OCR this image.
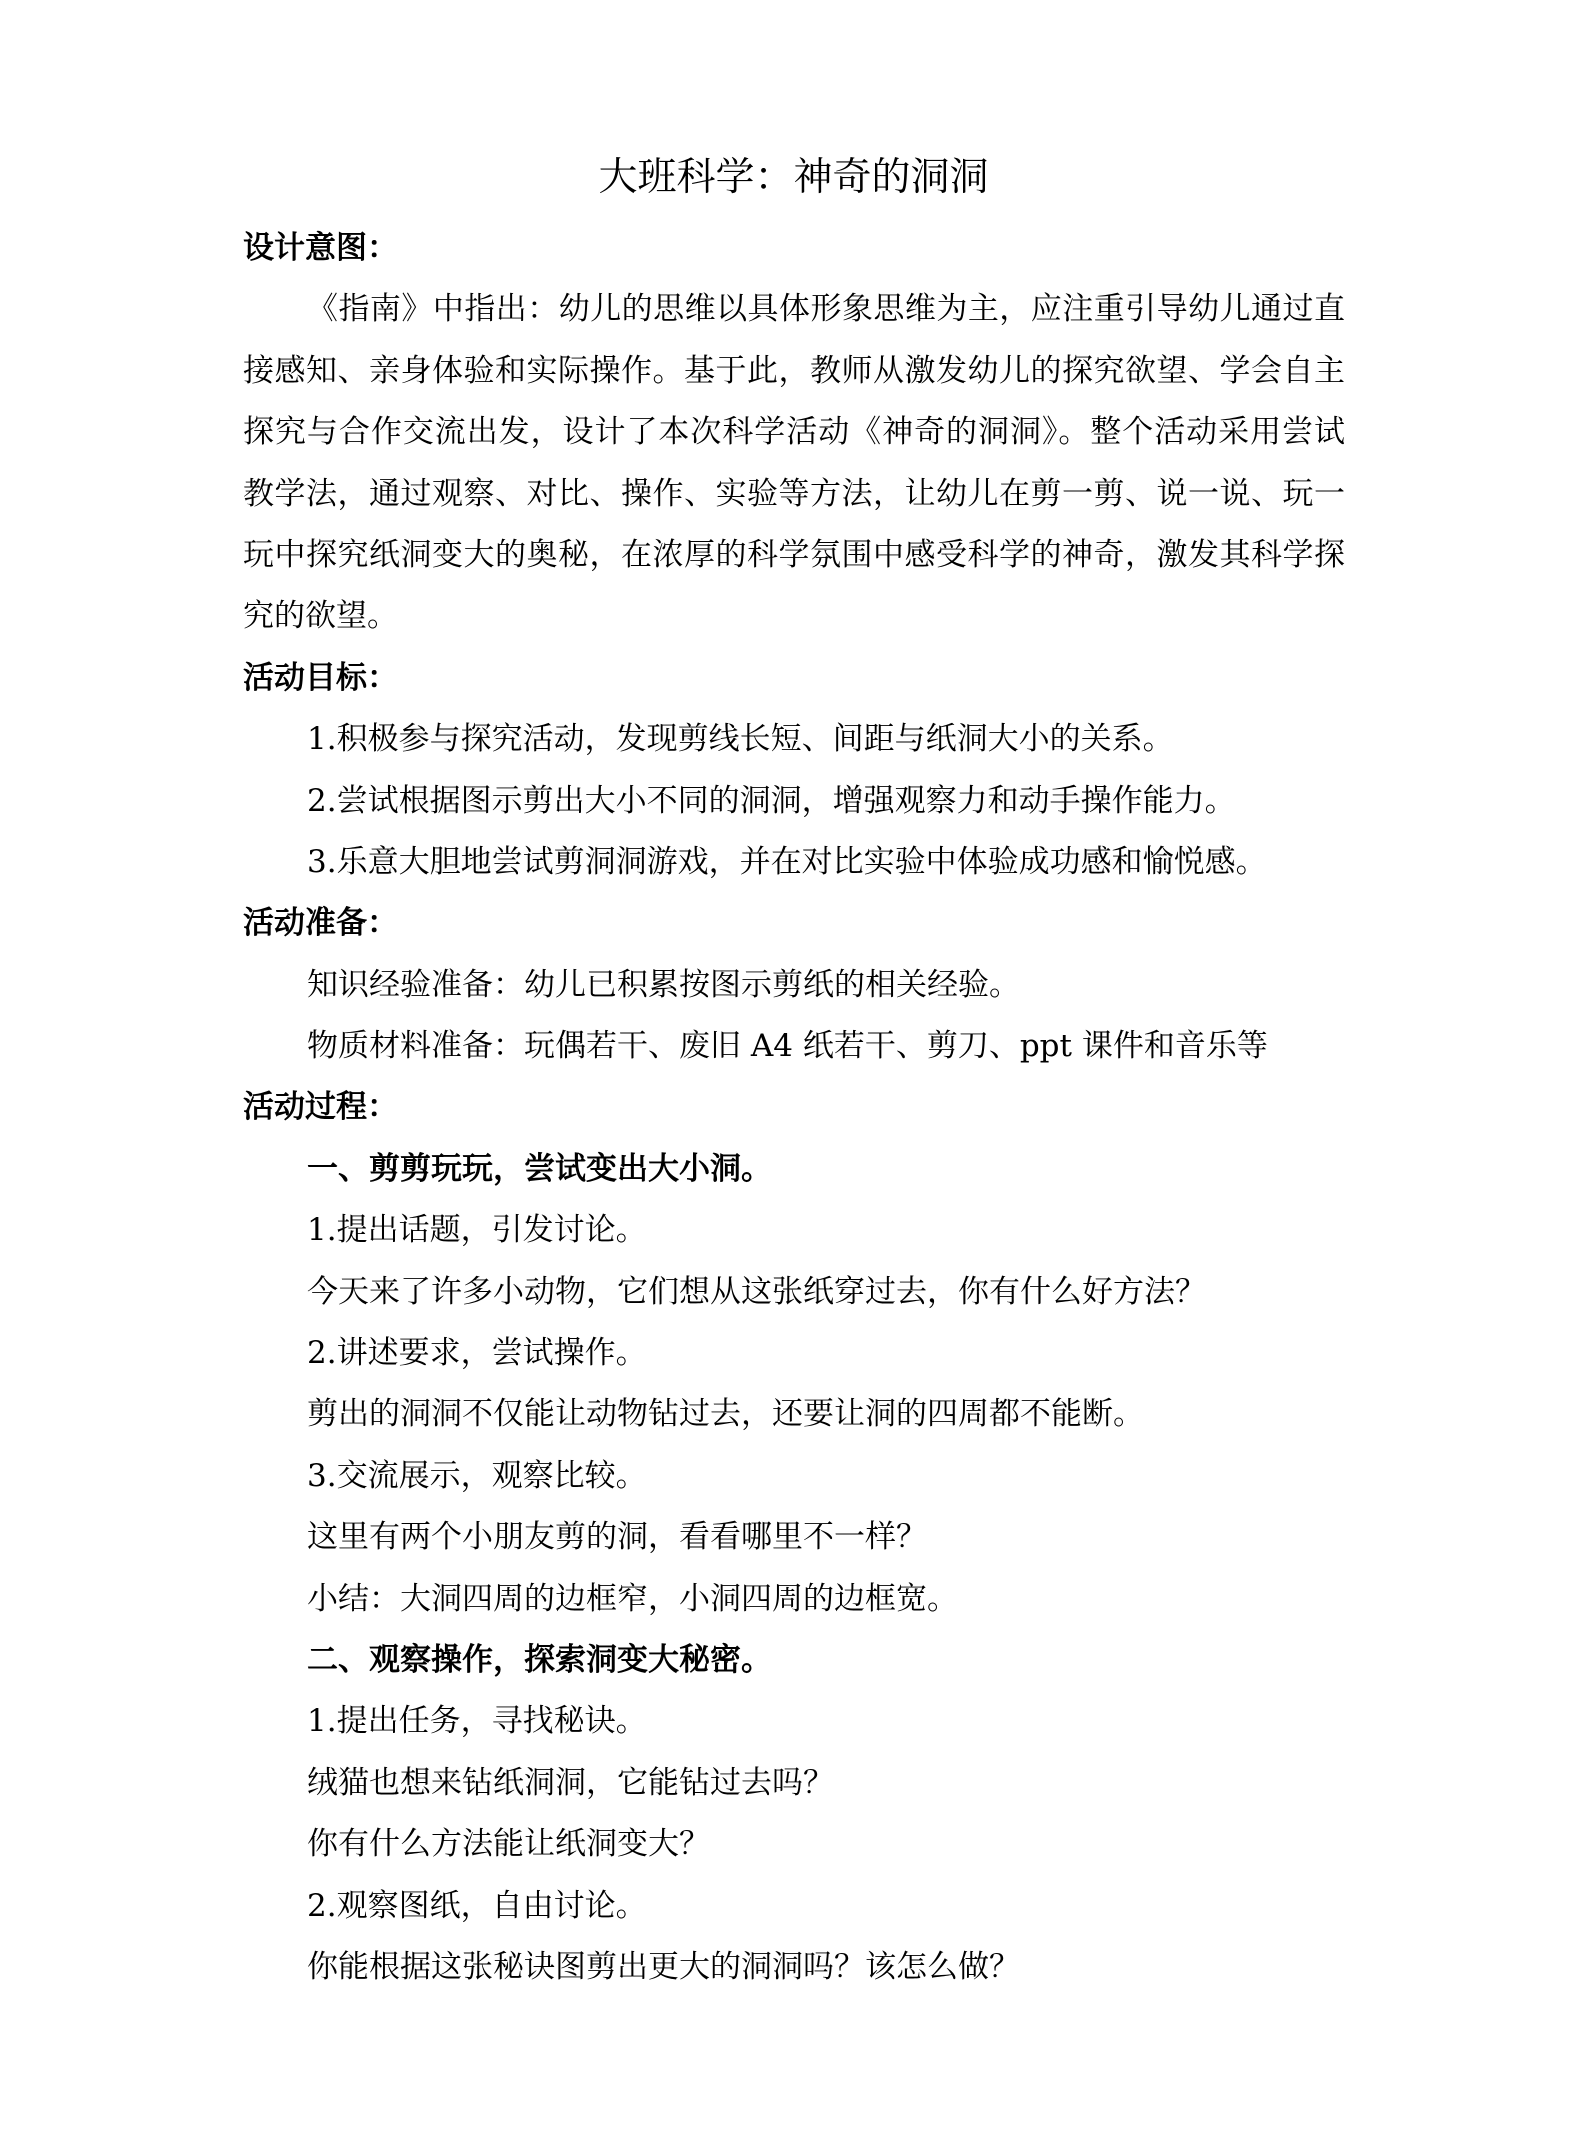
大班科学：神奇的洞洞
设计意图：
《指南》中指出：幼儿的思维以具体形象思维为主，应注重引导幼儿通过直
接感知、亲身体验和实际操作。基于此，教师从激发幼儿的探究欲望、学会自主
探究与合作交流出发，设计了本次科学活动《神奇的洞洞》。整个活动采用尝试
教学法，通过观察、对比、操作、实验等方法，让幼儿在剪一剪、说一说、玩一
玩中探究纸洞变大的奥秘，在浓厚的科学氛围中感受科学的神奇，激发其科学探
究的欲望。
活动目标：
1.积极参与探究活动，发现剪线长短、间距与纸洞大小的关系。
2.尝试根据图示剪出大小不同的洞洞，增强观察力和动手操作能力。
3.乐意大胆地尝试剪洞洞游戏，并在对比实验中体验成功感和愉悦感。
活动准备：
知识经验准备：幼儿已积累按图示剪纸的相关经验。
物质材料准备：玩偶若干、废旧 A4 纸若干、剪刀、ppt 课件和音乐等
活动过程：
一、剪剪玩玩，尝试变出大小洞。
1.提出话题，引发讨论。
今天来了许多小动物，它们想从这张纸穿过去，你有什么好方法？
2.讲述要求，尝试操作。
剪出的洞洞不仅能让动物钻过去，还要让洞的四周都不能断。
3.交流展示，观察比较。
这里有两个小朋友剪的洞，看看哪里不一样？
小结：大洞四周的边框窄，小洞四周的边框宽。
二、观察操作，探索洞变大秘密。
1.提出任务，寻找秘诀。
绒猫也想来钻纸洞洞，它能钻过去吗？
你有什么方法能让纸洞变大？
2.观察图纸，自由讨论。
你能根据这张秘诀图剪出更大的洞洞吗？该怎么做？
